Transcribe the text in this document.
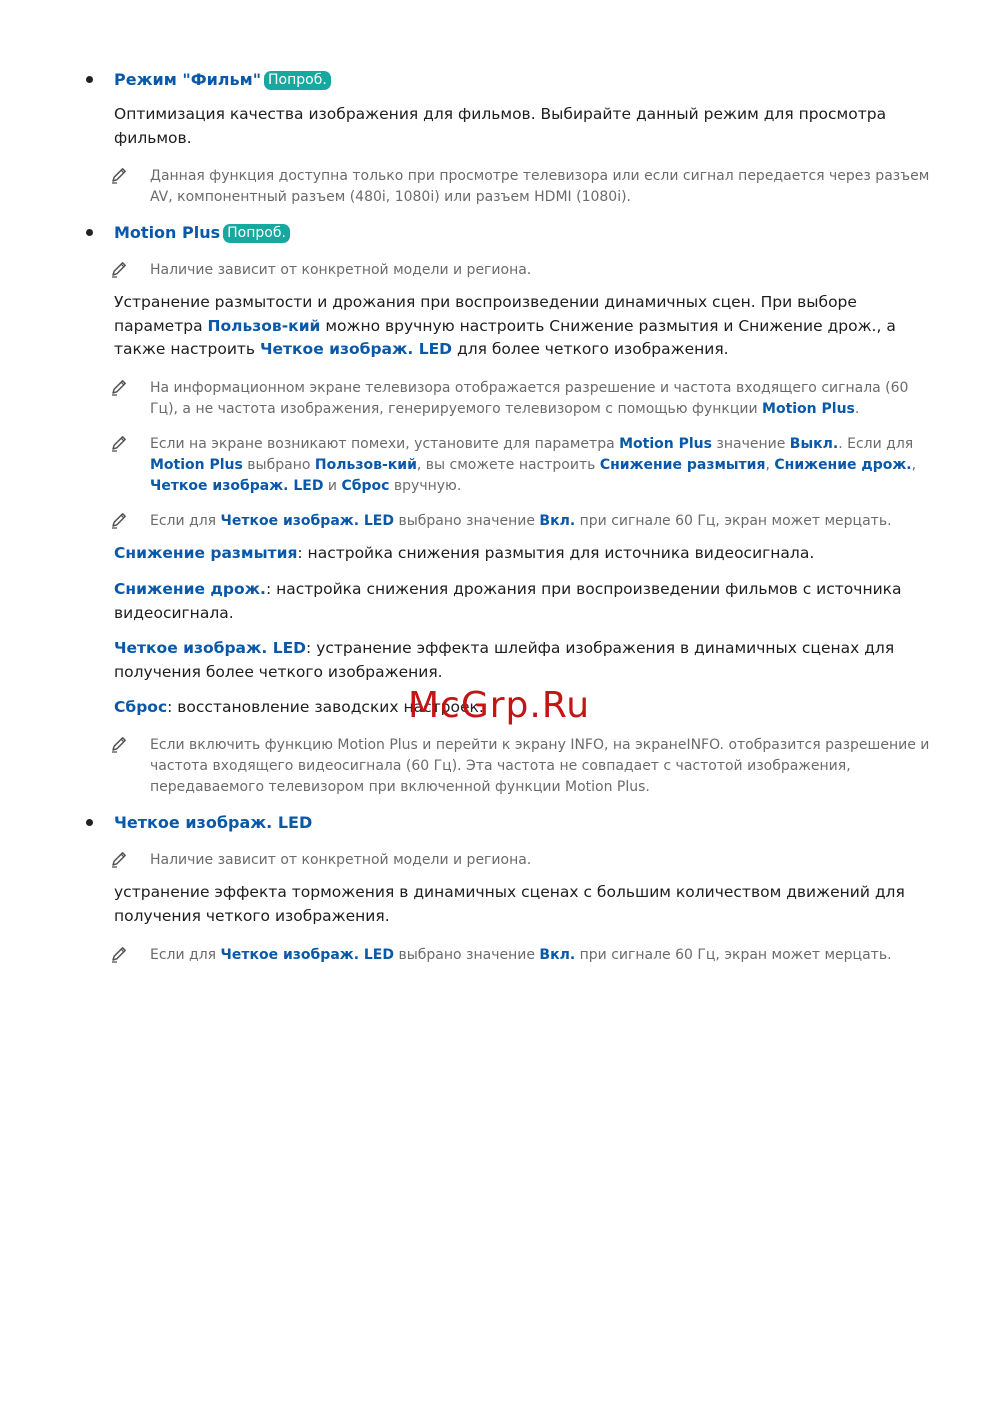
Режим "Фильм" Попроб.
Оптимизация качества изображения для фильмов. Выбирайте данный режим для просмотра фильмов.
Данная функция доступна только при просмотре телевизора или если сигнал передается через разъем AV, компонентный разъем (480i, 1080i) или разъем HDMI (1080i).
Motion Plus Попроб.
Наличие зависит от конкретной модели и региона.
Устранение размытости и дрожания при воспроизведении динамичных сцен. При выборе параметра Пользов-кий можно вручную настроить Снижение размытия и Снижение дрож., а также настроить Четкое изображ. LED для более четкого изображения.
На информационном экране телевизора отображается разрешение и частота входящего сигнала (60 Гц), а не частота изображения, генерируемого телевизором с помощью функции Motion Plus.
Если на экране возникают помехи, установите для параметра Motion Plus значение Выкл.. Если для Motion Plus выбрано Пользов-кий, вы сможете настроить Снижение размытия, Снижение дрож., Четкое изображ. LED и Сброс вручную.
Если для Четкое изображ. LED выбрано значение Вкл. при сигнале 60 Гц, экран может мерцать.
Снижение размытия: настройка снижения размытия для источника видеосигнала.
Снижение дрож.: настройка снижения дрожания при воспроизведении фильмов с источника видеосигнала.
Четкое изображ. LED: устранение эффекта шлейфа изображения в динамичных сценах для получения более четкого изображения.
Сброс: восстановление заводских настроек.
Если включить функцию Motion Plus и перейти к экрану INFO, на экранеINFO. отобразится разрешение и частота входящего видеосигнала (60 Гц). Эта частота не совпадает с частотой изображения, передаваемого телевизором при включенной функции Motion Plus.
Четкое изображ. LED
Наличие зависит от конкретной модели и региона.
устранение эффекта торможения в динамичных сценах с большим количеством движений для получения четкого изображения.
Если для Четкое изображ. LED выбрано значение Вкл. при сигнале 60 Гц, экран может мерцать.
McGrp.Ru
